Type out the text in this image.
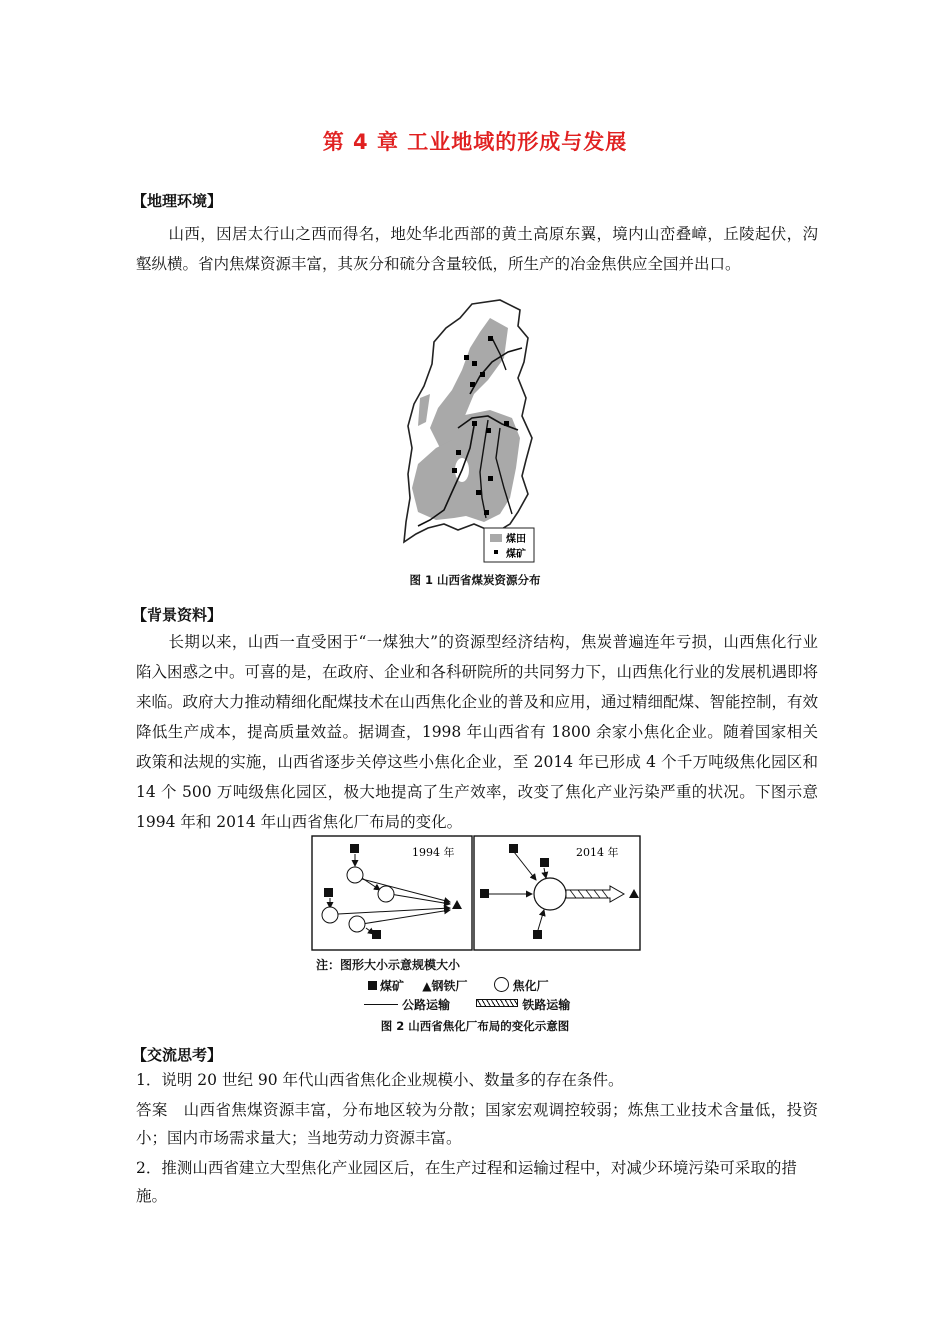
第 4 章 工业地域的形成与发展
【地理环境】
山西，因居太行山之西而得名，地处华北西部的黄土高原东翼，境内山峦叠嶂，丘陵起伏，沟壑纵横。省内焦煤资源丰富，其灰分和硫分含量较低，所生产的冶金焦供应全国并出口。
煤田
煤矿
图 1 山西省煤炭资源分布
【背景资料】
长期以来，山西一直受困于“一煤独大”的资源型经济结构，焦炭普遍连年亏损，山西焦化行业陷入困惑之中。可喜的是，在政府、企业和各科研院所的共同努力下，山西焦化行业的发展机遇即将来临。政府大力推动精细化配煤技术在山西焦化企业的普及和应用，通过精细配煤、智能控制，有效降低生产成本，提高质量效益。据调查，1998 年山西省有 1800 余家小焦化企业。随着国家相关政策和法规的实施，山西省逐步关停这些小焦化企业，至 2014 年已形成 4 个千万吨级焦化园区和 14 个 500 万吨级焦化园区，极大地提高了生产效率，改变了焦化产业污染严重的状况。下图示意 1994 年和 2014 年山西省焦化厂布局的变化。
1994 年	2014 年
注：图形大小示意规模大小
煤矿 ▲钢铁厂	焦化厂
公路运输	铁路运输
图 2 山西省焦化厂布局的变化示意图
【交流思考】
1．说明 20 世纪 90 年代山西省焦化企业规模小、数量多的存在条件。
答案　山西省焦煤资源丰富，分布地区较为分散；国家宏观调控较弱；炼焦工业技术含量低，投资小；国内市场需求量大；当地劳动力资源丰富。
2．推测山西省建立大型焦化产业园区后，在生产过程和运输过程中，对减少环境污染可采取的措施。
